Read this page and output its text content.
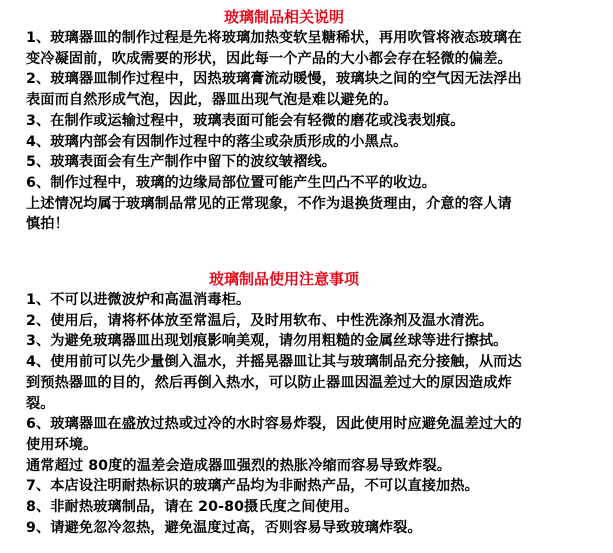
玻璃制品相关说明
1、玻璃器皿的制作过程是先将玻璃加热变软呈糖稀状，再用吹管将液态玻璃在
变冷凝固前，吹成需要的形状，因此每一个产品的大小都会存在轻微的偏差。
2、玻璃器皿制作过程中，因热玻璃膏流动暖慢，玻璃块之间的空气因无法浮出
表面而自然形成气泡，因此，器皿出现气泡是难以避免的。
3、在制作或运输过程中，玻璃表面可能会有轻微的磨花或浅表划痕。
4、玻璃内部会有因制作过程中的落尘或杂质形成的小黑点。
5、玻璃表面会有生产制作中留下的波纹皱褶线。
6、制作过程中，玻璃的边缘局部位置可能产生凹凸不平的收边。
上述情况均属于玻璃制品常见的正常现象，不作为退换货理由，介意的容人请
慎拍！
玻璃制品使用注意事项
1、不可以进微波炉和高温消毒柜。
2、使用后，请将杯体放至常温后，及时用软布、中性洗涤剂及温水清洗。
3、为避免玻璃器皿出现划痕影响美观，请勿用粗糙的金属丝球等进行擦拭。
4、使用前可以先少量倒入温水，并摇晃器皿让其与玻璃制品充分接触，从而达
到预热器皿的目的，然后再倒入热水，可以防止器皿因温差过大的原因造成炸
裂。
6、玻璃器皿在盛放过热或过冷的水时容易炸裂，因此使用时应避免温差过大的
使用环境。
通常超过 80度的温差会造成器皿强烈的热胀冷缩而容易导致炸裂。
7、本店设注明耐热标识的玻璃产品均为非耐热产品，不可以直接加热。
8、非耐热玻璃制品，请在 20-80摄氏度之间使用。
9、请避免忽冷忽热，避免温度过高，否则容易导致玻璃炸裂。
